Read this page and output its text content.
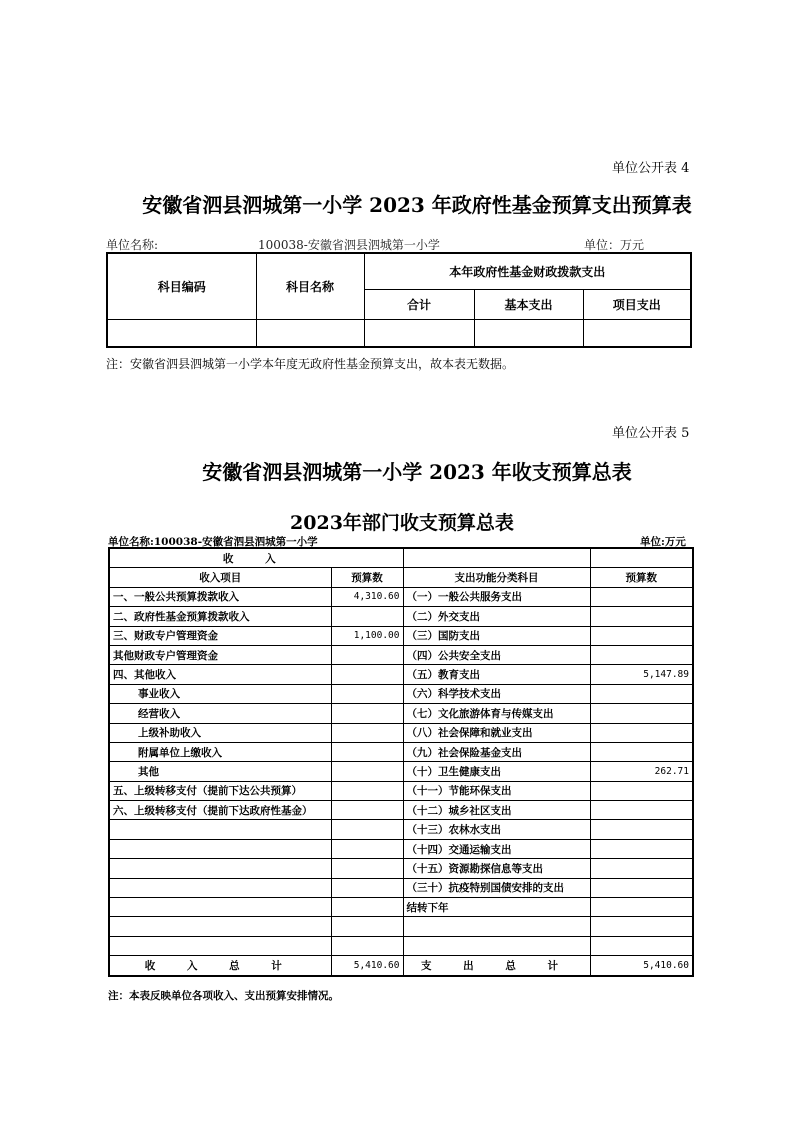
单位公开表 4
安徽省泗县泗城第一小学 2023 年政府性基金预算支出预算表
单位名称:	100038-安徽省泗县泗城第一小学	单位：万元
科目编码	科目名称	本年政府性基金财政拨款支出		
		合计	基本支出	项目支出

注：安徽省泗县泗城第一小学本年度无政府性基金预算支出，故本表无数据。
单位公开表 5
安徽省泗县泗城第一小学 2023 年收支预算总表
2023年部门收支预算总表
单位名称:100038-安徽省泗县泗城第一小学	单位:万元
收 入			
收入项目	预算数	支出功能分类科目	预算数
一、一般公共预算拨款收入	4,310.60	（一）一般公共服务支出	
二、政府性基金预算拨款收入		（二）外交支出	
三、财政专户管理资金	1,100.00	（三）国防支出	
其他财政专户管理资金		（四）公共安全支出	
四、其他收入		（五）教育支出	5,147.89
事业收入		（六）科学技术支出	
经营收入		（七）文化旅游体育与传媒支出	
上级补助收入		（八）社会保障和就业支出	
附属单位上缴收入		（九）社会保险基金支出	
其他		（十）卫生健康支出	262.71
五、上级转移支付（提前下达公共预算）		（十一）节能环保支出	
六、上级转移支付（提前下达政府性基金）		（十二）城乡社区支出	
		（十三）农林水支出	
		（十四）交通运输支出	
		（十五）资源勘探信息等支出	
		（三十）抗疫特别国债安排的支出	
		结转下年	

收 入 总 计	5,410.60	支 出 总 计	5,410.60
注：本表反映单位各项收入、支出预算安排情况。
